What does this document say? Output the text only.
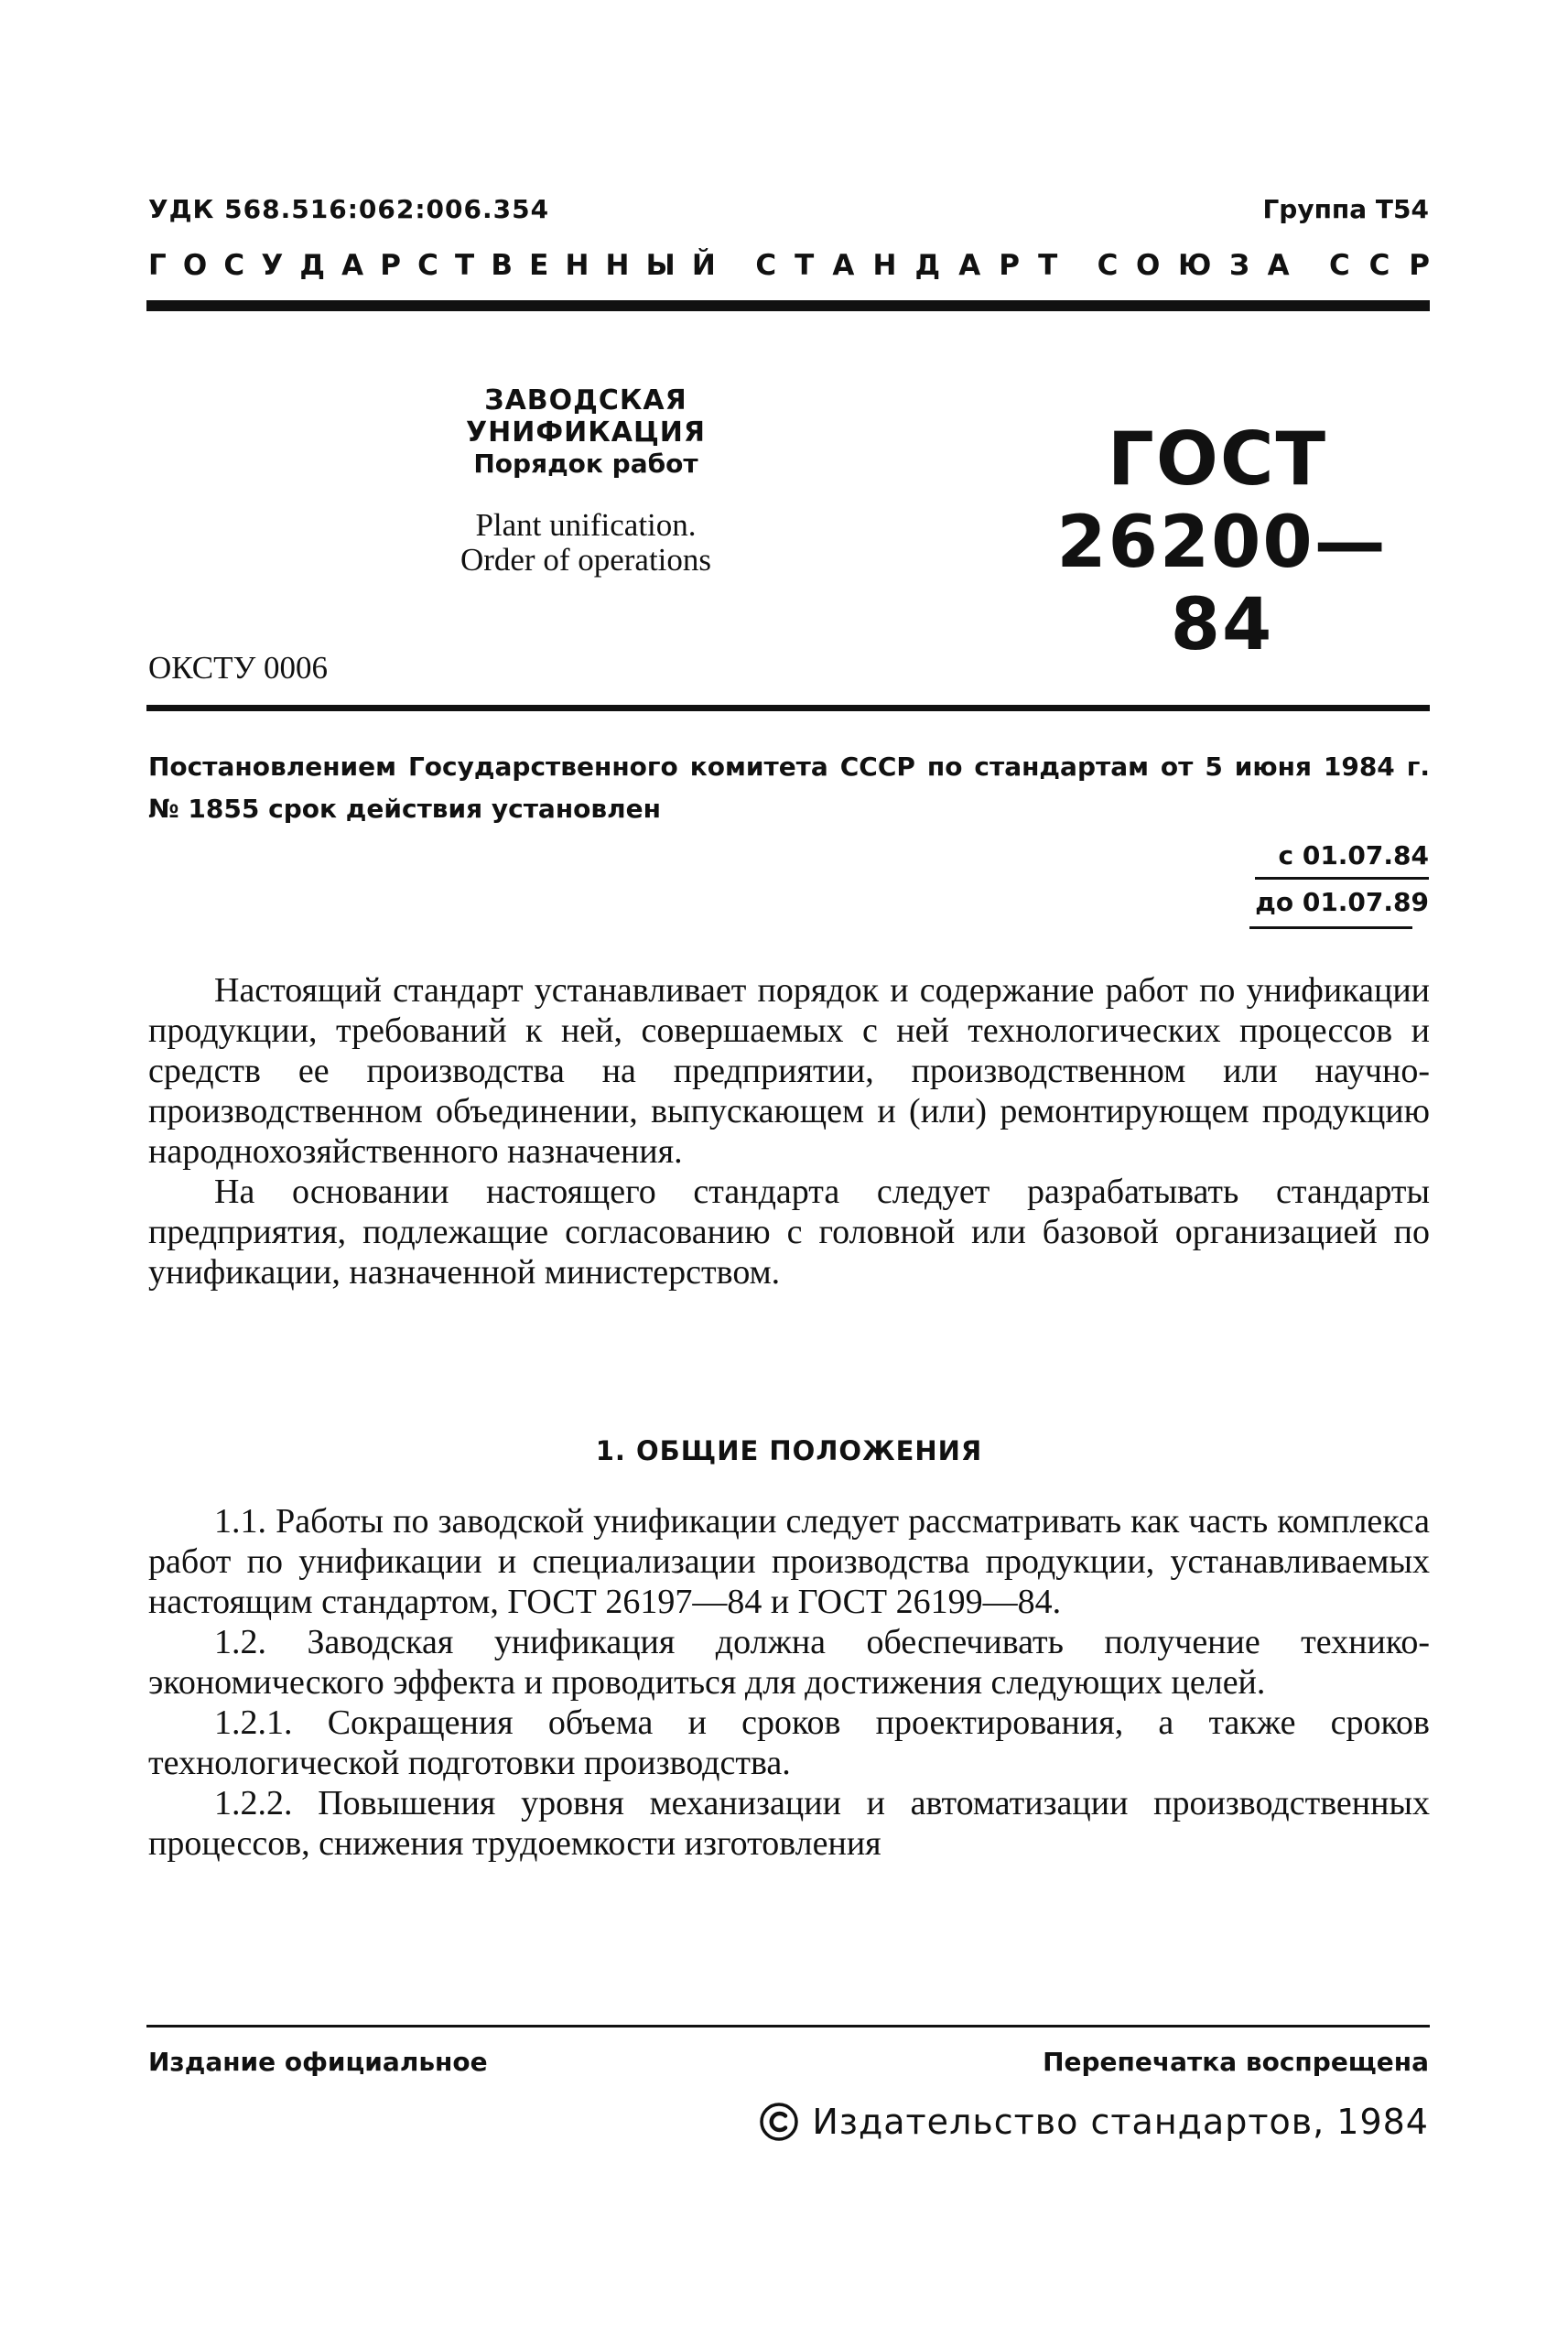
УДК 568.516:062:006.354	Группа Т54
Г О С У Д А Р С Т В Е Н Н Ы Й С Т А Н Д А Р Т С О Ю З А С С Р
ЗАВОДСКАЯ УНИФИКАЦИЯ
Порядок работ
Plant unification.
Order of operations
ГОСТ
26200—84
ОКСТУ 0006
Постановлением Государственного комитета СССР по стандартам от 5 июня 1984 г. № 1855 срок действия установлен
с 01.07.84
до 01.07.89

Настоящий стандарт устанавливает порядок и содержание работ по унификации продукции, требований к ней, совершаемых с ней технологических процессов и средств ее производства на предприятии, производственном или научно-производственном объединении, выпускающем и (или) ремонтирующем продукцию народнохозяйственного назначения.

На основании настоящего стандарта следует разрабатывать стандарты предприятия, подлежащие согласованию с головной или базовой организацией по унификации, назначенной министерством.

1. ОБЩИЕ ПОЛОЖЕНИЯ

1.1. Работы по заводской унификации следует рассматривать как часть комплекса работ по унификации и специализации производства продукции, устанавливаемых настоящим стандартом, ГОСТ 26197—84 и ГОСТ 26199—84.

1.2. Заводская унификация должна обеспечивать получение технико-экономического эффекта и проводиться для достижения следующих целей.

1.2.1. Сокращения объема и сроков проектирования, а также сроков технологической подготовки производства.

1.2.2. Повышения уровня механизации и автоматизации производственных процессов, снижения трудоемкости изготовления

Издание официальное	Перепечатка воспрещена
Издательство стандартов, 1984
